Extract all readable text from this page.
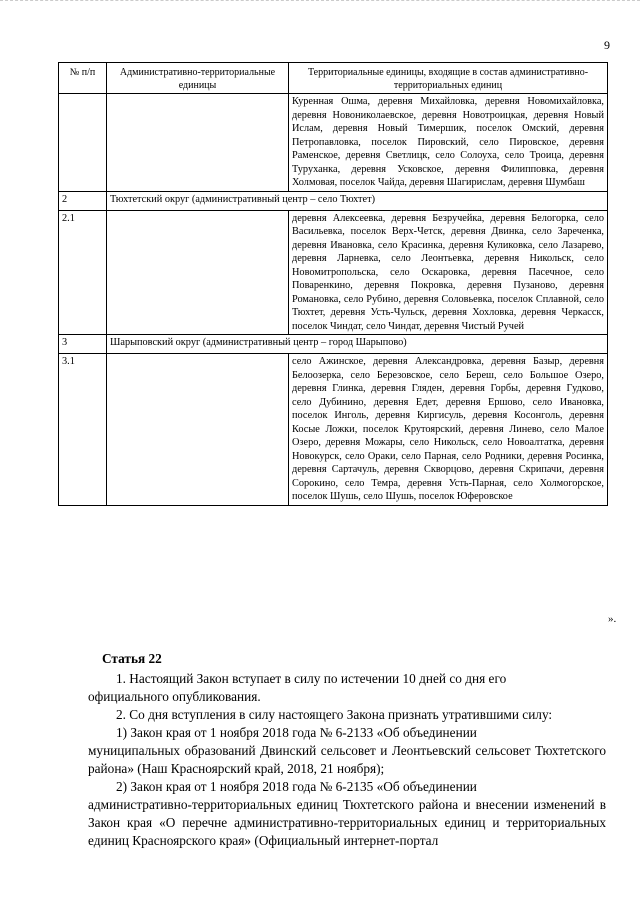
9
№ п/п	Административно-территориальные единицы	Территориальные единицы, входящие в состав административно-территориальных единиц
		Куренная Ошма, деревня Михайловка, деревня Новомихайловка, деревня Новониколаевское, деревня Новотроицкая, деревня Новый Ислам, деревня Новый Тимершик, поселок Омский, деревня Петропавловка, поселок Пировский, село Пировское, деревня Раменское, деревня Светлицк, село Солоуха, село Троица, деревня Туруханка, деревня Усковское, деревня Филипповка, деревня Холмовая, поселок Чайда, деревня Шагирислам, деревня Шумбаш
2	Тюхтетский округ (административный центр – село Тюхтет)	
2.1		деревня Алексеевка, деревня Безручейка, деревня Белогорка, село Васильевка, поселок Верх-Четск, деревня Двинка, село Зареченка, деревня Ивановка, село Красинка, деревня Куликовка, село Лазарево, деревня Ларневка, село Леонтьевка, деревня Никольск, село Новомитропольска, село Оскаровка, деревня Пасечное, село Поваренкино, деревня Покровка, деревня Пузаново, деревня Романовка, село Рубино, деревня Соловьевка, поселок Сплавной, село Тюхтет, деревня Усть-Чульск, деревня Хохловка, деревня Черкасск, поселок Чиндат, село Чиндат, деревня Чистый Ручей
3	Шарыповский округ (административный центр – город Шарыпово)	
3.1		село Ажинское, деревня Александровка, деревня Базыр, деревня Белоозерка, село Березовское, село Береш, село Большое Озеро, деревня Глинка, деревня Гляден, деревня Горбы, деревня Гудково, село Дубинино, деревня Едет, деревня Ершово, село Ивановка, поселок Инголь, деревня Киргисуль, деревня Косонголь, деревня Косые Ложки, поселок Крутоярский, деревня Линево, село Малое Озеро, деревня Можары, село Никольск, село Новоалтатка, деревня Новокурск, село Ораки, село Парная, село Родники, деревня Росинка, деревня Сартачуль, деревня Скворцово, деревня Скрипачи, деревня Сорокино, село Темра, деревня Усть-Парная, село Холмогорское, поселок Шушь, село Шушь, поселок Юферовское
».

Статья 22

1. Настоящий Закон вступает в силу по истечении 10 дней со дня его

официального опубликования.

2. Со дня вступления в силу настоящего Закона признать утратившими силу:

1) Закон края от 1 ноября 2018 года № 6-2133 «Об объединении

муниципальных образований Двинский сельсовет и Леонтьевский сельсовет Тюхтетского района» (Наш Красноярский край, 2018, 21 ноября);

2) Закон края от 1 ноября 2018 года № 6-2135 «Об объединении

административно-территориальных единиц Тюхтетского района и внесении изменений в Закон края «О перечне административно-территориальных единиц и территориальных единиц Красноярского края» (Официальный интернет-портал
